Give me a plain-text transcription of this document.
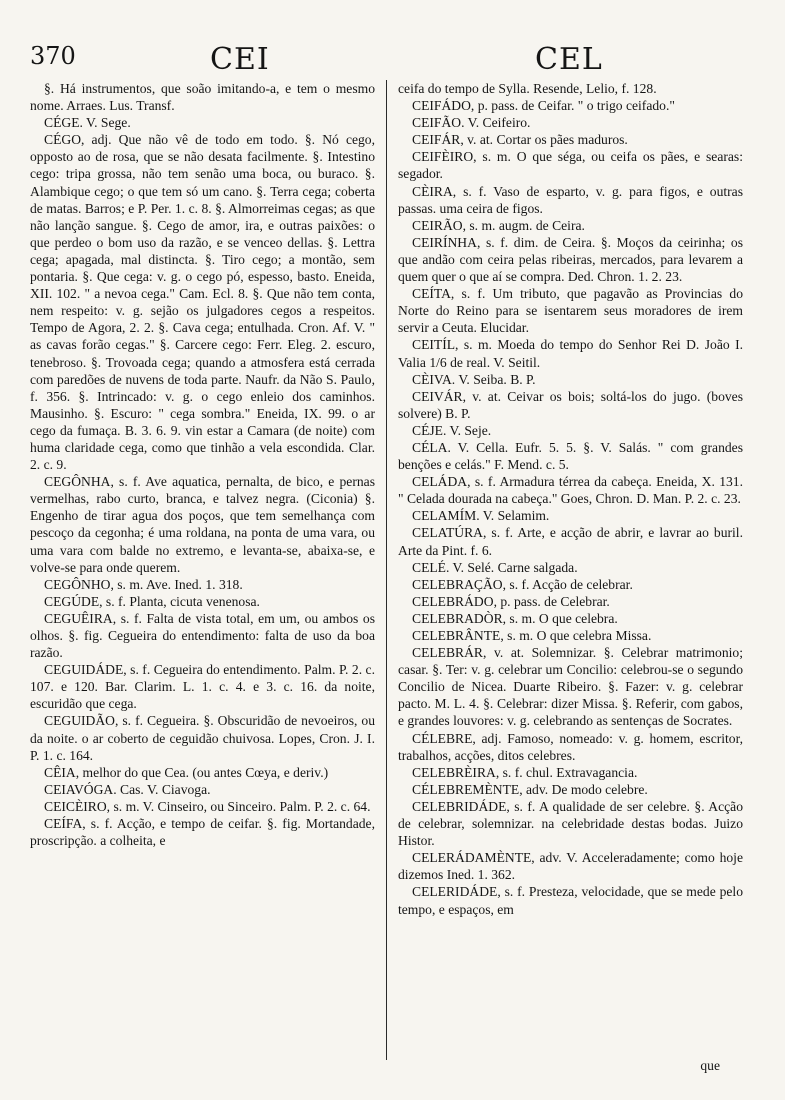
370	CEI	CEL

§. Há instrumentos, que soão imitando-a, e tem o mesmo nome. Arraes. Lus. Transf.

CÉGE. V. Sege.

CÉGO, adj. Que não vê de todo em todo. §. Nó cego, opposto ao de rosa, que se não desata facilmente. §. Intestino cego: tripa grossa, não tem senão uma boca, ou buraco. §. Alambique cego; o que tem só um cano. §. Terra cega; coberta de matas. Barros; e P. Per. 1. c. 8. §. Almorreimas cegas; as que não lanção sangue. §. Cego de amor, ira, e outras paixões: o que perdeo o bom uso da razão, e se venceo dellas. §. Lettra cega; apagada, mal distincta. §. Tiro cego; a montão, sem pontaria. §. Que cega: v. g. o cego pó, espesso, basto. Eneida, XII. 102. " a nevoa cega." Cam. Ecl. 8. §. Que não tem conta, nem respeito: v. g. sejão os julgadores cegos a respeitos. Tempo de Agora, 2. 2. §. Cava cega; entulhada. Cron. Af. V. " as cavas forão cegas." §. Carcere cego: Ferr. Eleg. 2. escuro, tenebroso. §. Trovoada cega; quando a atmosfera está cerrada com paredões de nuvens de toda parte. Naufr. da Não S. Paulo, f. 356. §. Intrincado: v. g. o cego enleio dos caminhos. Mausinho. §. Escuro: " cega sombra." Eneida, IX. 99. o ar cego da fumaça. B. 3. 6. 9. vin estar a Camara (de noite) com huma claridade cega, como que tinhão a vela escondida. Clar. 2. c. 9.

CEGÔNHA, s. f. Ave aquatica, pernalta, de bico, e pernas vermelhas, rabo curto, branca, e talvez negra. (Ciconia) §. Engenho de tirar agua dos poços, que tem semelhança com pescoço da cegonha; é uma roldana, na ponta de uma vara, ou uma vara com balde no extremo, e levanta-se, abaixa-se, e volve-se para onde querem.

CEGÔNHO, s. m. Ave. Ined. 1. 318.

CEGÚDE, s. f. Planta, cicuta venenosa.

CEGUÊIRA, s. f. Falta de vista total, em um, ou ambos os olhos. §. fig. Cegueira do entendimento: falta de uso da boa razão.

CEGUIDÁDE, s. f. Cegueira do entendimento. Palm. P. 2. c. 107. e 120. Bar. Clarim. L. 1. c. 4. e 3. c. 16. da noite, escuridão que cega.

CEGUIDÃO, s. f. Cegueira. §. Obscuridão de nevoeiros, ou da noite. o ar coberto de ceguidão chuivosa. Lopes, Cron. J. I. P. 1. c. 164.

CÊIA, melhor do que Cea. (ou antes Cœya, e deriv.)

CEIAVÓGA. Cas. V. Ciavoga.

CEICÈIRO, s. m. V. Cinseiro, ou Sinceiro. Palm. P. 2. c. 64.

CEÍFA, s. f. Acção, e tempo de ceifar. §. fig. Mortandade, proscripção. a colheita, e

ceifa do tempo de Sylla. Resende, Lelio, f. 128.

CEIFÁDO, p. pass. de Ceifar. " o trigo ceifado."

CEIFÃO. V. Ceifeiro.

CEIFÁR, v. at. Cortar os pães maduros.

CEIFÈIRO, s. m. O que séga, ou ceifa os pães, e searas: segador.

CÈIRA, s. f. Vaso de esparto, v. g. para figos, e outras passas. uma ceira de figos.

CEIRÃO, s. m. augm. de Ceira.

CEIRÍNHA, s. f. dim. de Ceira. §. Moços da ceirinha; os que andão com ceira pelas ribeiras, mercados, para levarem a quem quer o que aí se compra. Ded. Chron. 1. 2. 23.

CEÍTA, s. f. Um tributo, que pagavão as Provincias do Norte do Reino para se isentarem seus moradores de irem servir a Ceuta. Elucidar.

CEITÍL, s. m. Moeda do tempo do Senhor Rei D. João I. Valia 1/6 de real. V. Seitil.

CÈIVA. V. Seiba. B. P.

CEIVÁR, v. at. Ceivar os bois; soltá-los do jugo. (boves solvere) B. P.

CÉJE. V. Seje.

CÉLA. V. Cella. Eufr. 5. 5. §. V. Salás. " com grandes benções e celás." F. Mend. c. 5.

CELÁDA, s. f. Armadura térrea da cabeça. Eneida, X. 131. " Celada dourada na cabeça." Goes, Chron. D. Man. P. 2. c. 23.

CELAMÍM. V. Selamim.

CELATÚRA, s. f. Arte, e acção de abrir, e lavrar ao buril. Arte da Pint. f. 6.

CELÉ. V. Selé. Carne salgada.

CELEBRAÇÃO, s. f. Acção de celebrar.

CELEBRÁDO, p. pass. de Celebrar.

CELEBRADÒR, s. m. O que celebra.

CELEBRÂNTE, s. m. O que celebra Missa.

CELEBRÁR, v. at. Solemnizar. §. Celebrar matrimonio; casar. §. Ter: v. g. celebrar um Concilio: celebrou-se o segundo Concilio de Nicea. Duarte Ribeiro. §. Fazer: v. g. celebrar pacto. M. L. 4. §. Celebrar: dizer Missa. §. Referir, com gabos, e grandes louvores: v. g. celebrando as sentenças de Socrates.

CÉLEBRE, adj. Famoso, nomeado: v. g. homem, escritor, trabalhos, acções, ditos celebres.

CELEBRÈIRA, s. f. chul. Extravagancia.

CÉLEBREMÈNTE, adv. De modo celebre.

CELEBRIDÁDE, s. f. A qualidade de ser celebre. §. Acção de celebrar, solemnizar. na celebridade destas bodas. Juizo Histor.

CELERÁDAMÈNTE, adv. V. Acceleradamente; como hoje dizemos Ined. 1. 362.

CELERIDÁDE, s. f. Presteza, velocidade, que se mede pelo tempo, e espaços, em

que
